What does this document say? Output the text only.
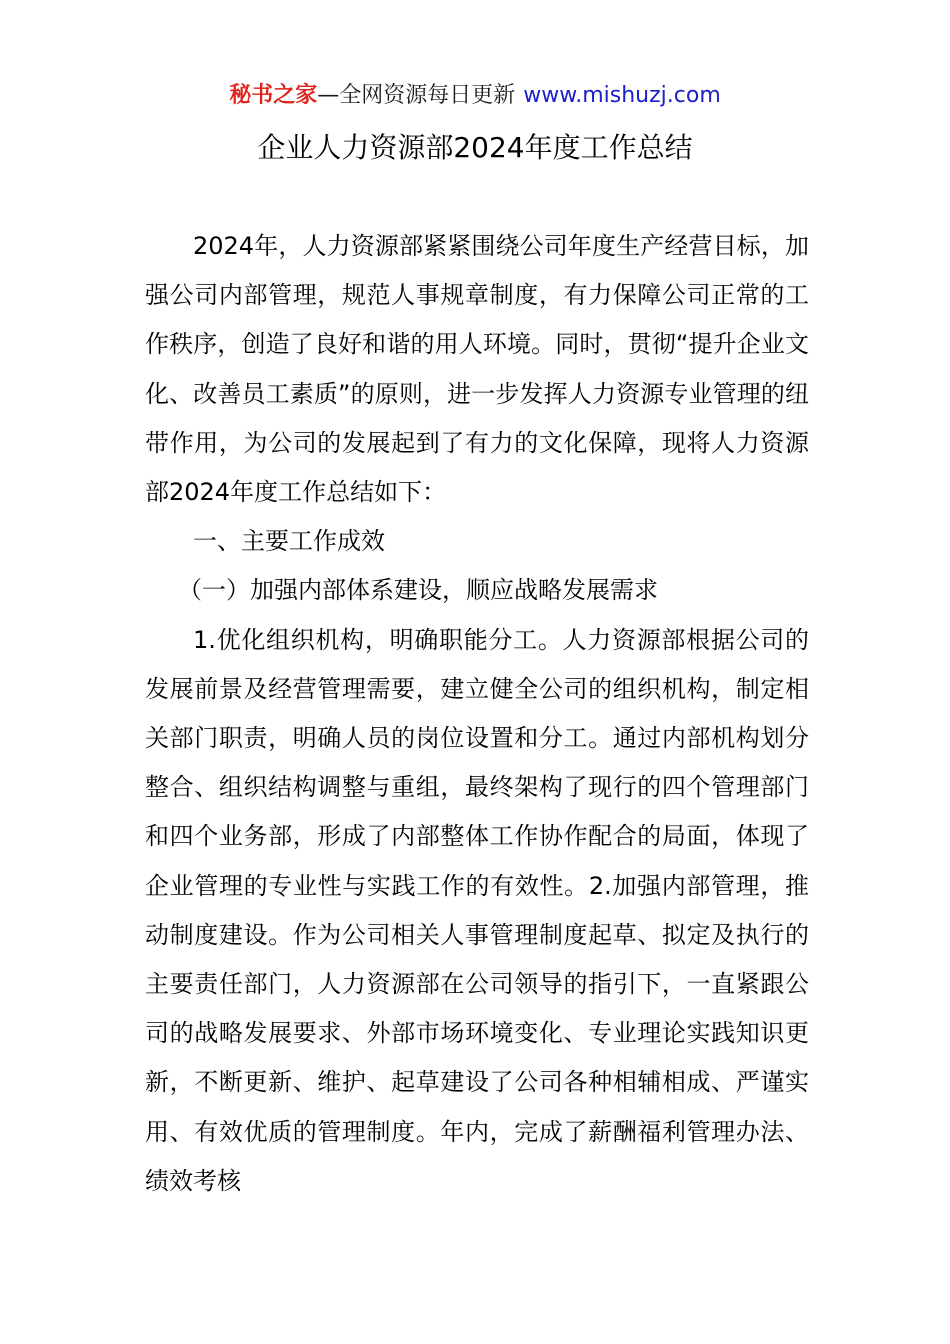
秘书之家—全网资源每日更新 www.mishuzj.com
企业人力资源部2024年度工作总结

2024年，人力资源部紧紧围绕公司年度生产经营目标，加强公司内部管理，规范人事规章制度，有力保障公司正常的工作秩序，创造了良好和谐的用人环境。同时，贯彻“提升企业文化、改善员工素质”的原则，进一步发挥人力资源专业管理的纽带作用，为公司的发展起到了有力的文化保障，现将人力资源部2024年度工作总结如下：

一、主要工作成效

（一）加强内部体系建设，顺应战略发展需求

1.优化组织机构，明确职能分工。人力资源部根据公司的发展前景及经营管理需要，建立健全公司的组织机构，制定相关部门职责，明确人员的岗位设置和分工。通过内部机构划分整合、组织结构调整与重组，最终架构了现行的四个管理部门和四个业务部，形成了内部整体工作协作配合的局面，体现了企业管理的专业性与实践工作的有效性。2.加强内部管理，推动制度建设。作为公司相关人事管理制度起草、拟定及执行的主要责任部门，人力资源部在公司领导的指引下，一直紧跟公司的战略发展要求、外部市场环境变化、专业理论实践知识更新，不断更新、维护、起草建设了公司各种相辅相成、严谨实用、有效优质的管理制度。年内，完成了薪酬福利管理办法、绩效考核
